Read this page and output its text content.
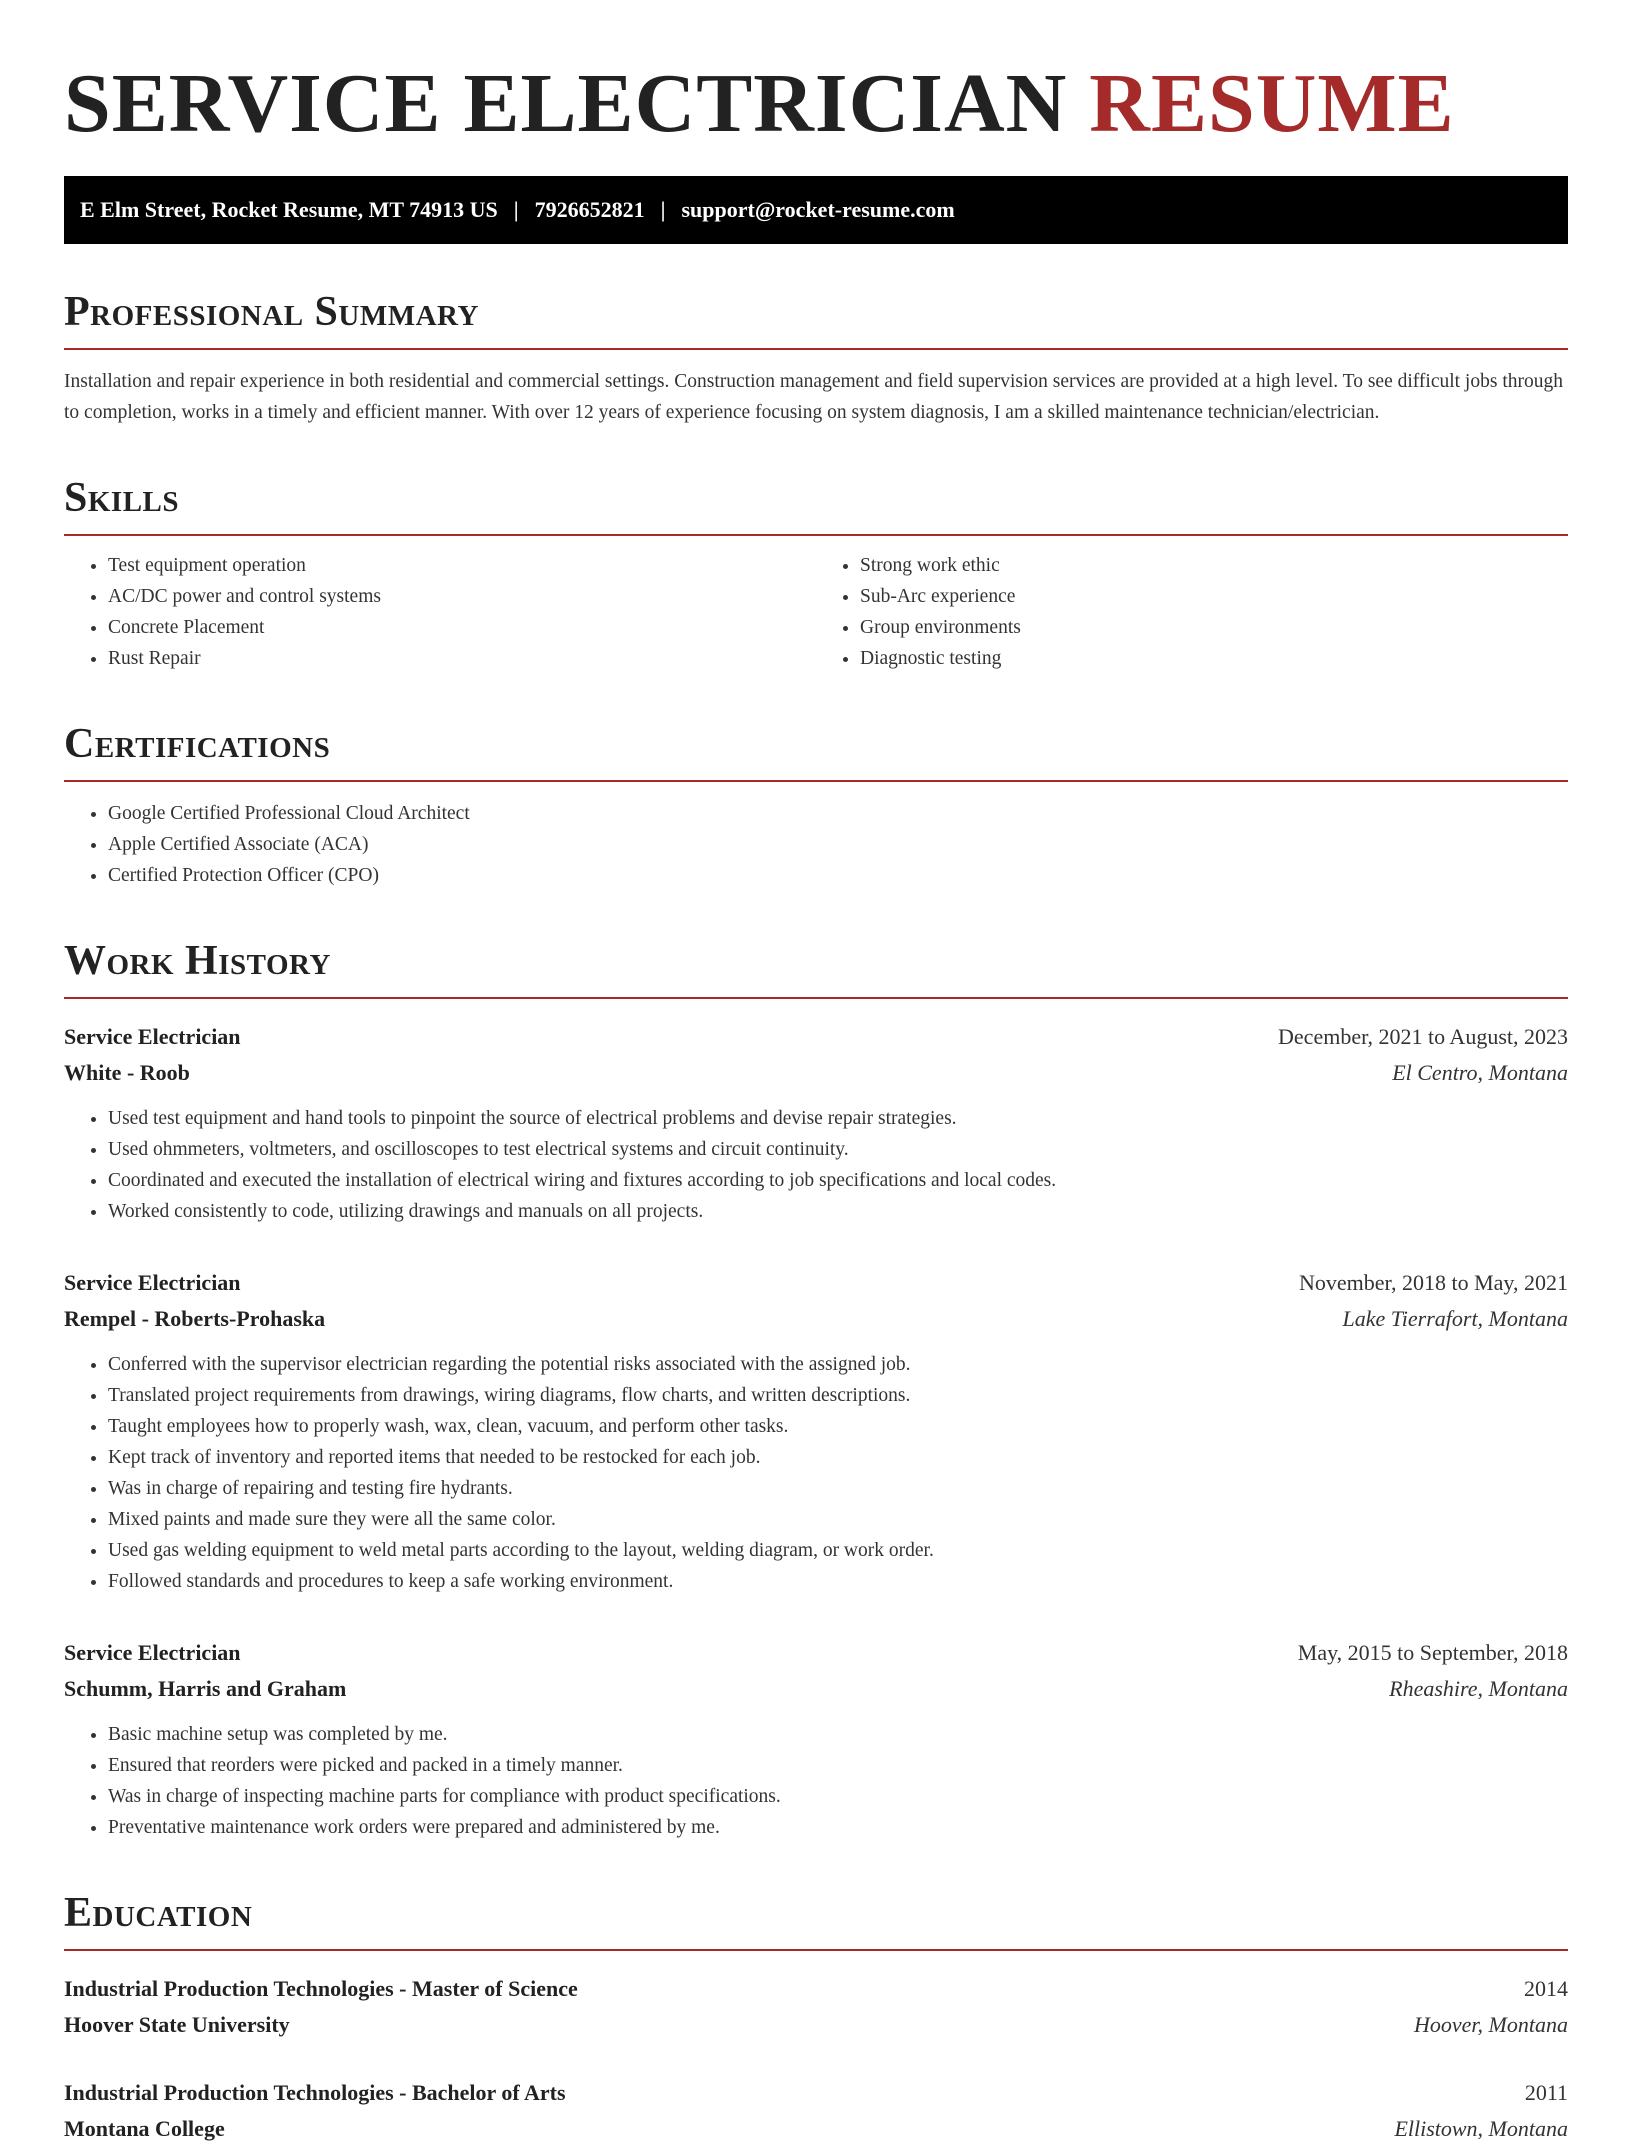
SERVICE ELECTRICIAN RESUME
E Elm Street, Rocket Resume, MT 74913 US | 7926652821 | support@rocket-resume.com
Professional Summary

Installation and repair experience in both residential and commercial settings. Construction management and field supervision services are provided at a high level. To see difficult jobs through to completion, works in a timely and efficient manner. With over 12 years of experience focusing on system diagnosis, I am a skilled maintenance technician/electrician.

Skills
• Test equipment operation
• AC/DC power and control systems
• Concrete Placement
• Rust Repair
• Strong work ethic
• Sub-Arc experience
• Group environments
• Diagnostic testing
Certifications
• Google Certified Professional Cloud Architect
• Apple Certified Associate (ACA)
• Certified Protection Officer (CPO)
Work History
Service Electrician	December, 2021 to August, 2023
White - Roob	El Centro, Montana
• Used test equipment and hand tools to pinpoint the source of electrical problems and devise repair strategies.
• Used ohmmeters, voltmeters, and oscilloscopes to test electrical systems and circuit continuity.
• Coordinated and executed the installation of electrical wiring and fixtures according to job specifications and local codes.
• Worked consistently to code, utilizing drawings and manuals on all projects.
Service Electrician	November, 2018 to May, 2021
Rempel - Roberts-Prohaska	Lake Tierrafort, Montana
• Conferred with the supervisor electrician regarding the potential risks associated with the assigned job.
• Translated project requirements from drawings, wiring diagrams, flow charts, and written descriptions.
• Taught employees how to properly wash, wax, clean, vacuum, and perform other tasks.
• Kept track of inventory and reported items that needed to be restocked for each job.
• Was in charge of repairing and testing fire hydrants.
• Mixed paints and made sure they were all the same color.
• Used gas welding equipment to weld metal parts according to the layout, welding diagram, or work order.
• Followed standards and procedures to keep a safe working environment.
Service Electrician	May, 2015 to September, 2018
Schumm, Harris and Graham	Rheashire, Montana
• Basic machine setup was completed by me.
• Ensured that reorders were picked and packed in a timely manner.
• Was in charge of inspecting machine parts for compliance with product specifications.
• Preventative maintenance work orders were prepared and administered by me.
Education
Industrial Production Technologies - Master of Science	2014
Hoover State University	Hoover, Montana
Industrial Production Technologies - Bachelor of Arts	2011
Montana College	Ellistown, Montana
